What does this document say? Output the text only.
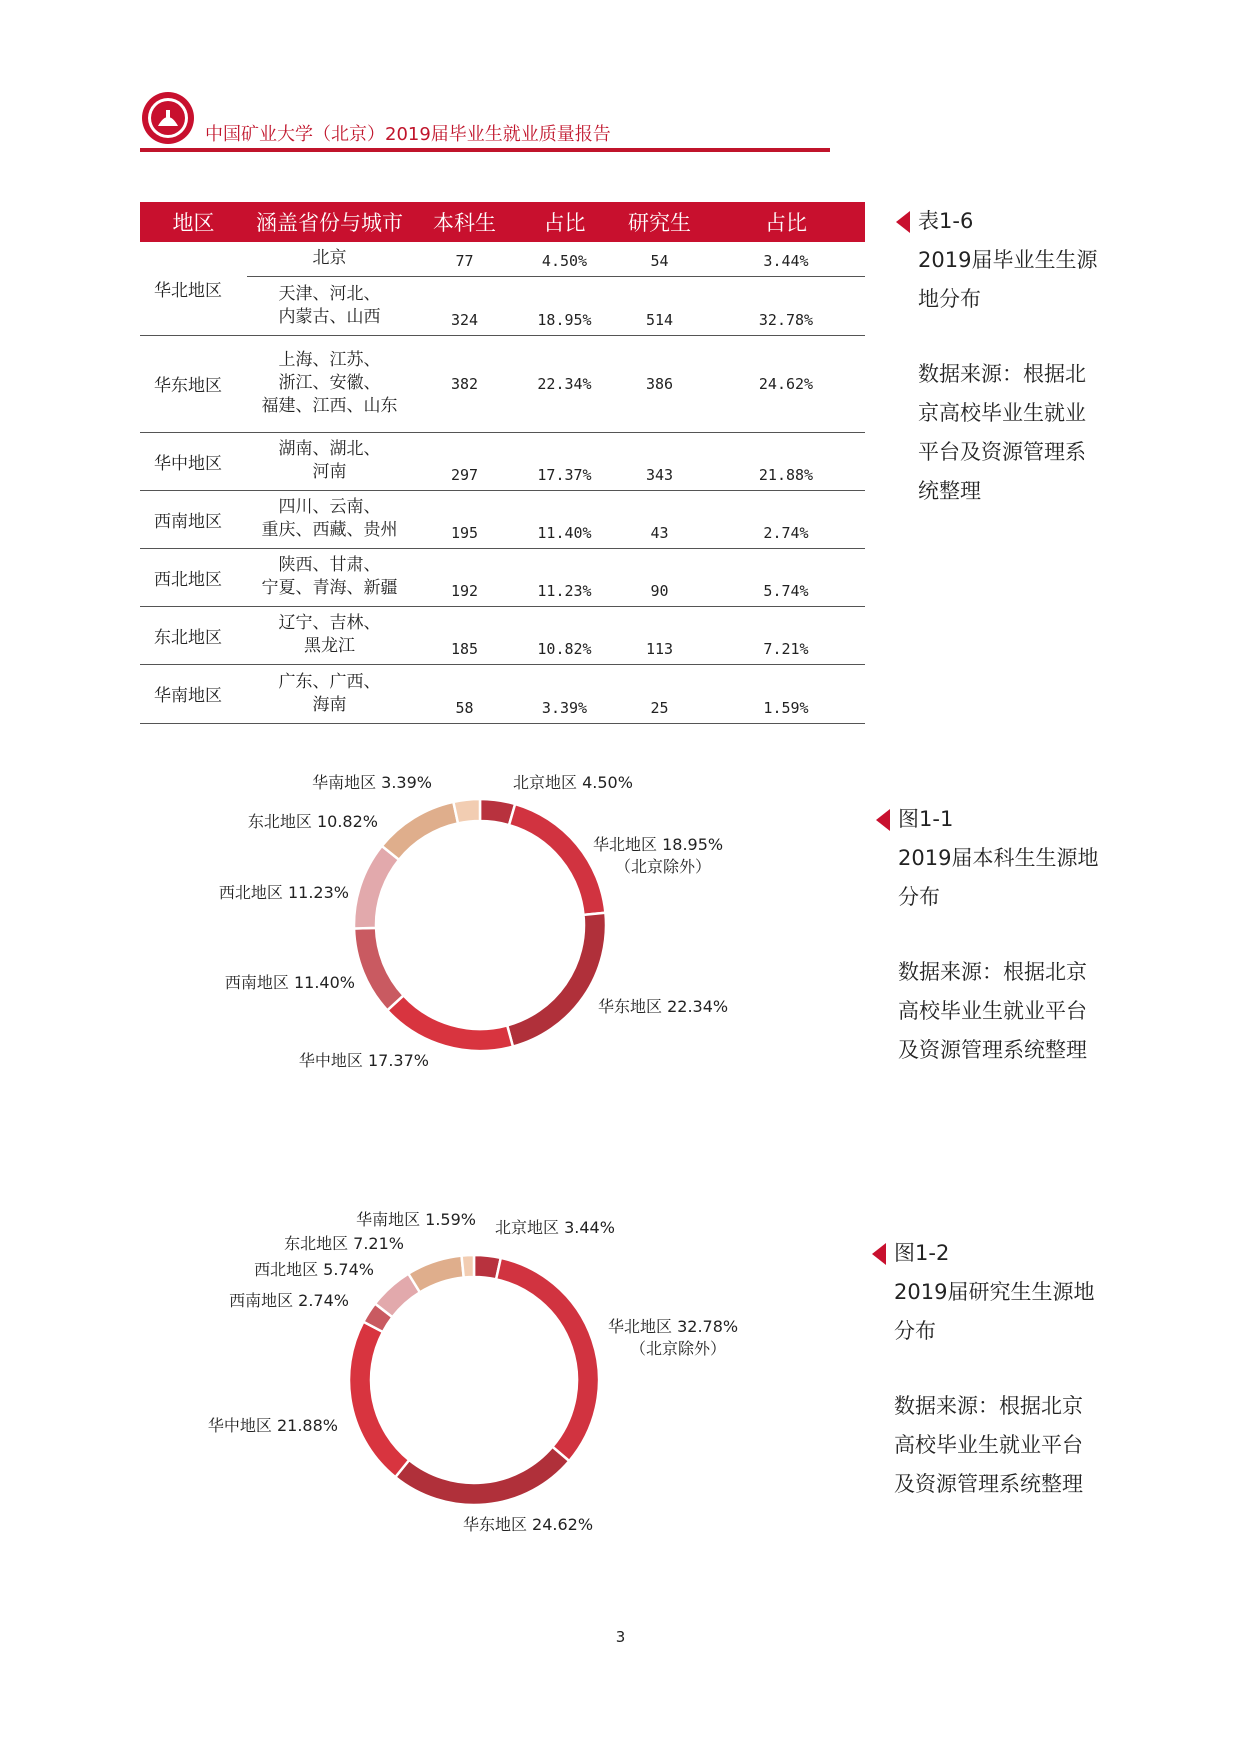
中国矿业大学（北京）2019届毕业生就业质量报告
地区	涵盖省份与城市	本科生	占比	研究生	占比
华北地区	北京	77	4.50%	54	3.44%

	天津、河北、
内蒙古、山西	324	18.95%	514	32.78%
华东地区	上海、江苏、
浙江、安徽、
福建、江西、山东	382	22.34%	386	24.62%
华中地区	湖南、湖北、
河南	297	17.37%	343	21.88%
西南地区	四川、云南、
重庆、西藏、贵州	195	11.40%	43	2.74%
西北地区	陕西、甘肃、
宁夏、青海、新疆	192	11.23%	90	5.74%
东北地区	辽宁、吉林、
黑龙江	185	10.82%	113	7.21%
华南地区	广东、广西、
海南	58	3.39%	25	1.59%
表1-6
2019届毕业生生源
地分布
数据来源：根据北
京高校毕业生就业
平台及资源管理系
统整理
图1-1
2019届本科生生源地
分布
数据来源：根据北京
高校毕业生就业平台
及资源管理系统整理
图1-2
2019届研究生生源地
分布
数据来源：根据北京
高校毕业生就业平台
及资源管理系统整理
北京地区 4.50%
华北地区 18.95%
（北京除外）
华东地区 22.34%
华中地区 17.37%
西南地区 11.40%
西北地区 11.23%
东北地区 10.82%
华南地区 3.39%
北京地区 3.44%
华北地区 32.78%
（北京除外）
华东地区 24.62%
华中地区 21.88%
西南地区 2.74%
西北地区 5.74%
东北地区 7.21%
华南地区 1.59%
3
